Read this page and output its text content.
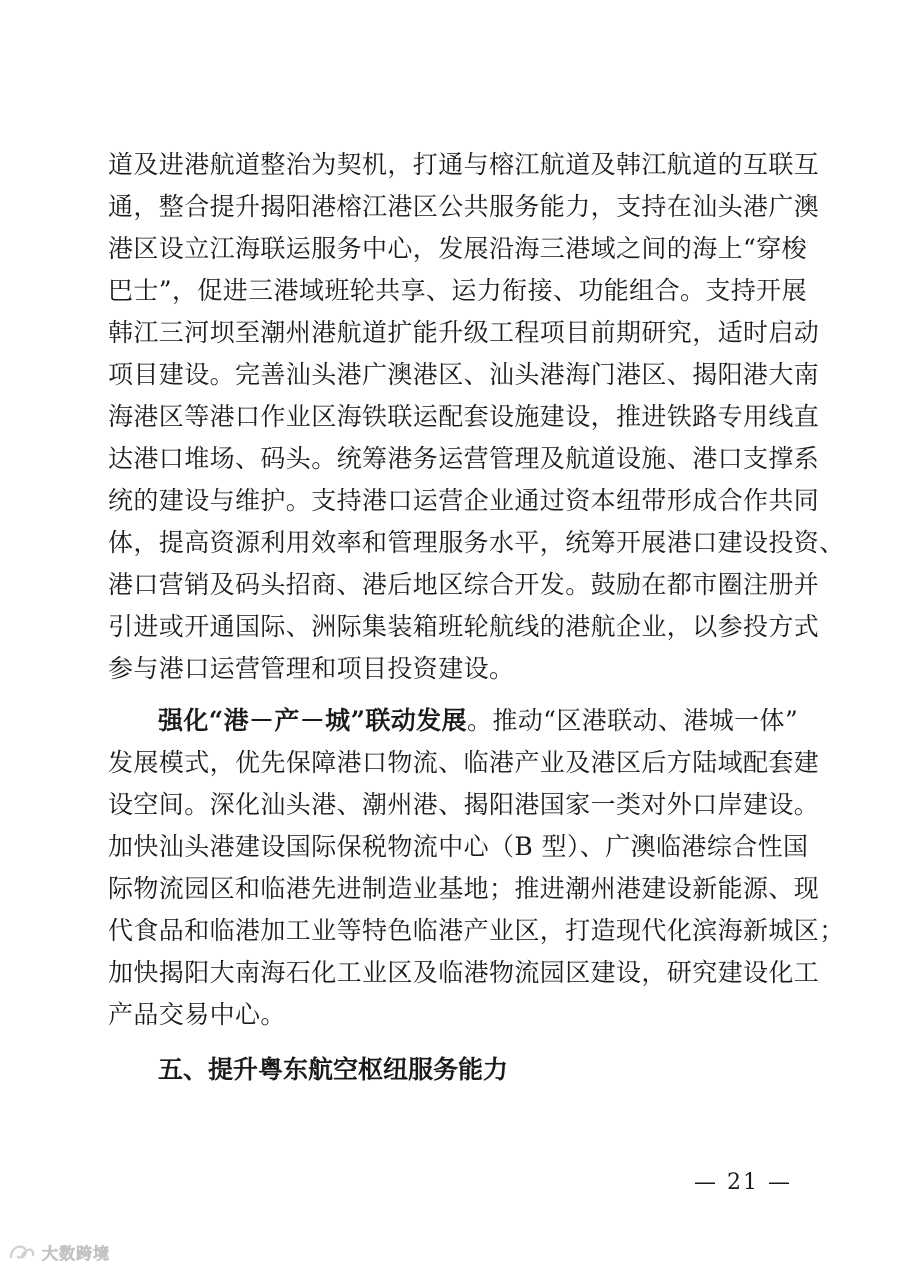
道及进港航道整治为契机，打通与榕江航道及韩江航道的互联互
通，整合提升揭阳港榕江港区公共服务能力，支持在汕头港广澳
港区设立江海联运服务中心，发展沿海三港域之间的海上“穿梭
巴士”，促进三港域班轮共享、运力衔接、功能组合。支持开展
韩江三河坝至潮州港航道扩能升级工程项目前期研究，适时启动
项目建设。完善汕头港广澳港区、汕头港海门港区、揭阳港大南
海港区等港口作业区海铁联运配套设施建设，推进铁路专用线直
达港口堆场、码头。统筹港务运营管理及航道设施、港口支撑系
统的建设与维护。支持港口运营企业通过资本纽带形成合作共同
体，提高资源利用效率和管理服务水平，统筹开展港口建设投资、
港口营销及码头招商、港后地区综合开发。鼓励在都市圈注册并
引进或开通国际、洲际集装箱班轮航线的港航企业，以参投方式
参与港口运营管理和项目投资建设。
强化“港－产－城”联动发展。推动“区港联动、港城一体”
发展模式，优先保障港口物流、临港产业及港区后方陆域配套建
设空间。深化汕头港、潮州港、揭阳港国家一类对外口岸建设。
加快汕头港建设国际保税物流中心（B 型）、广澳临港综合性国
际物流园区和临港先进制造业基地；推进潮州港建设新能源、现
代食品和临港加工业等特色临港产业区，打造现代化滨海新城区；
加快揭阳大南海石化工业区及临港物流园区建设，研究建设化工
产品交易中心。
五、提升粤东航空枢纽服务能力
— 21 —
大数跨境
